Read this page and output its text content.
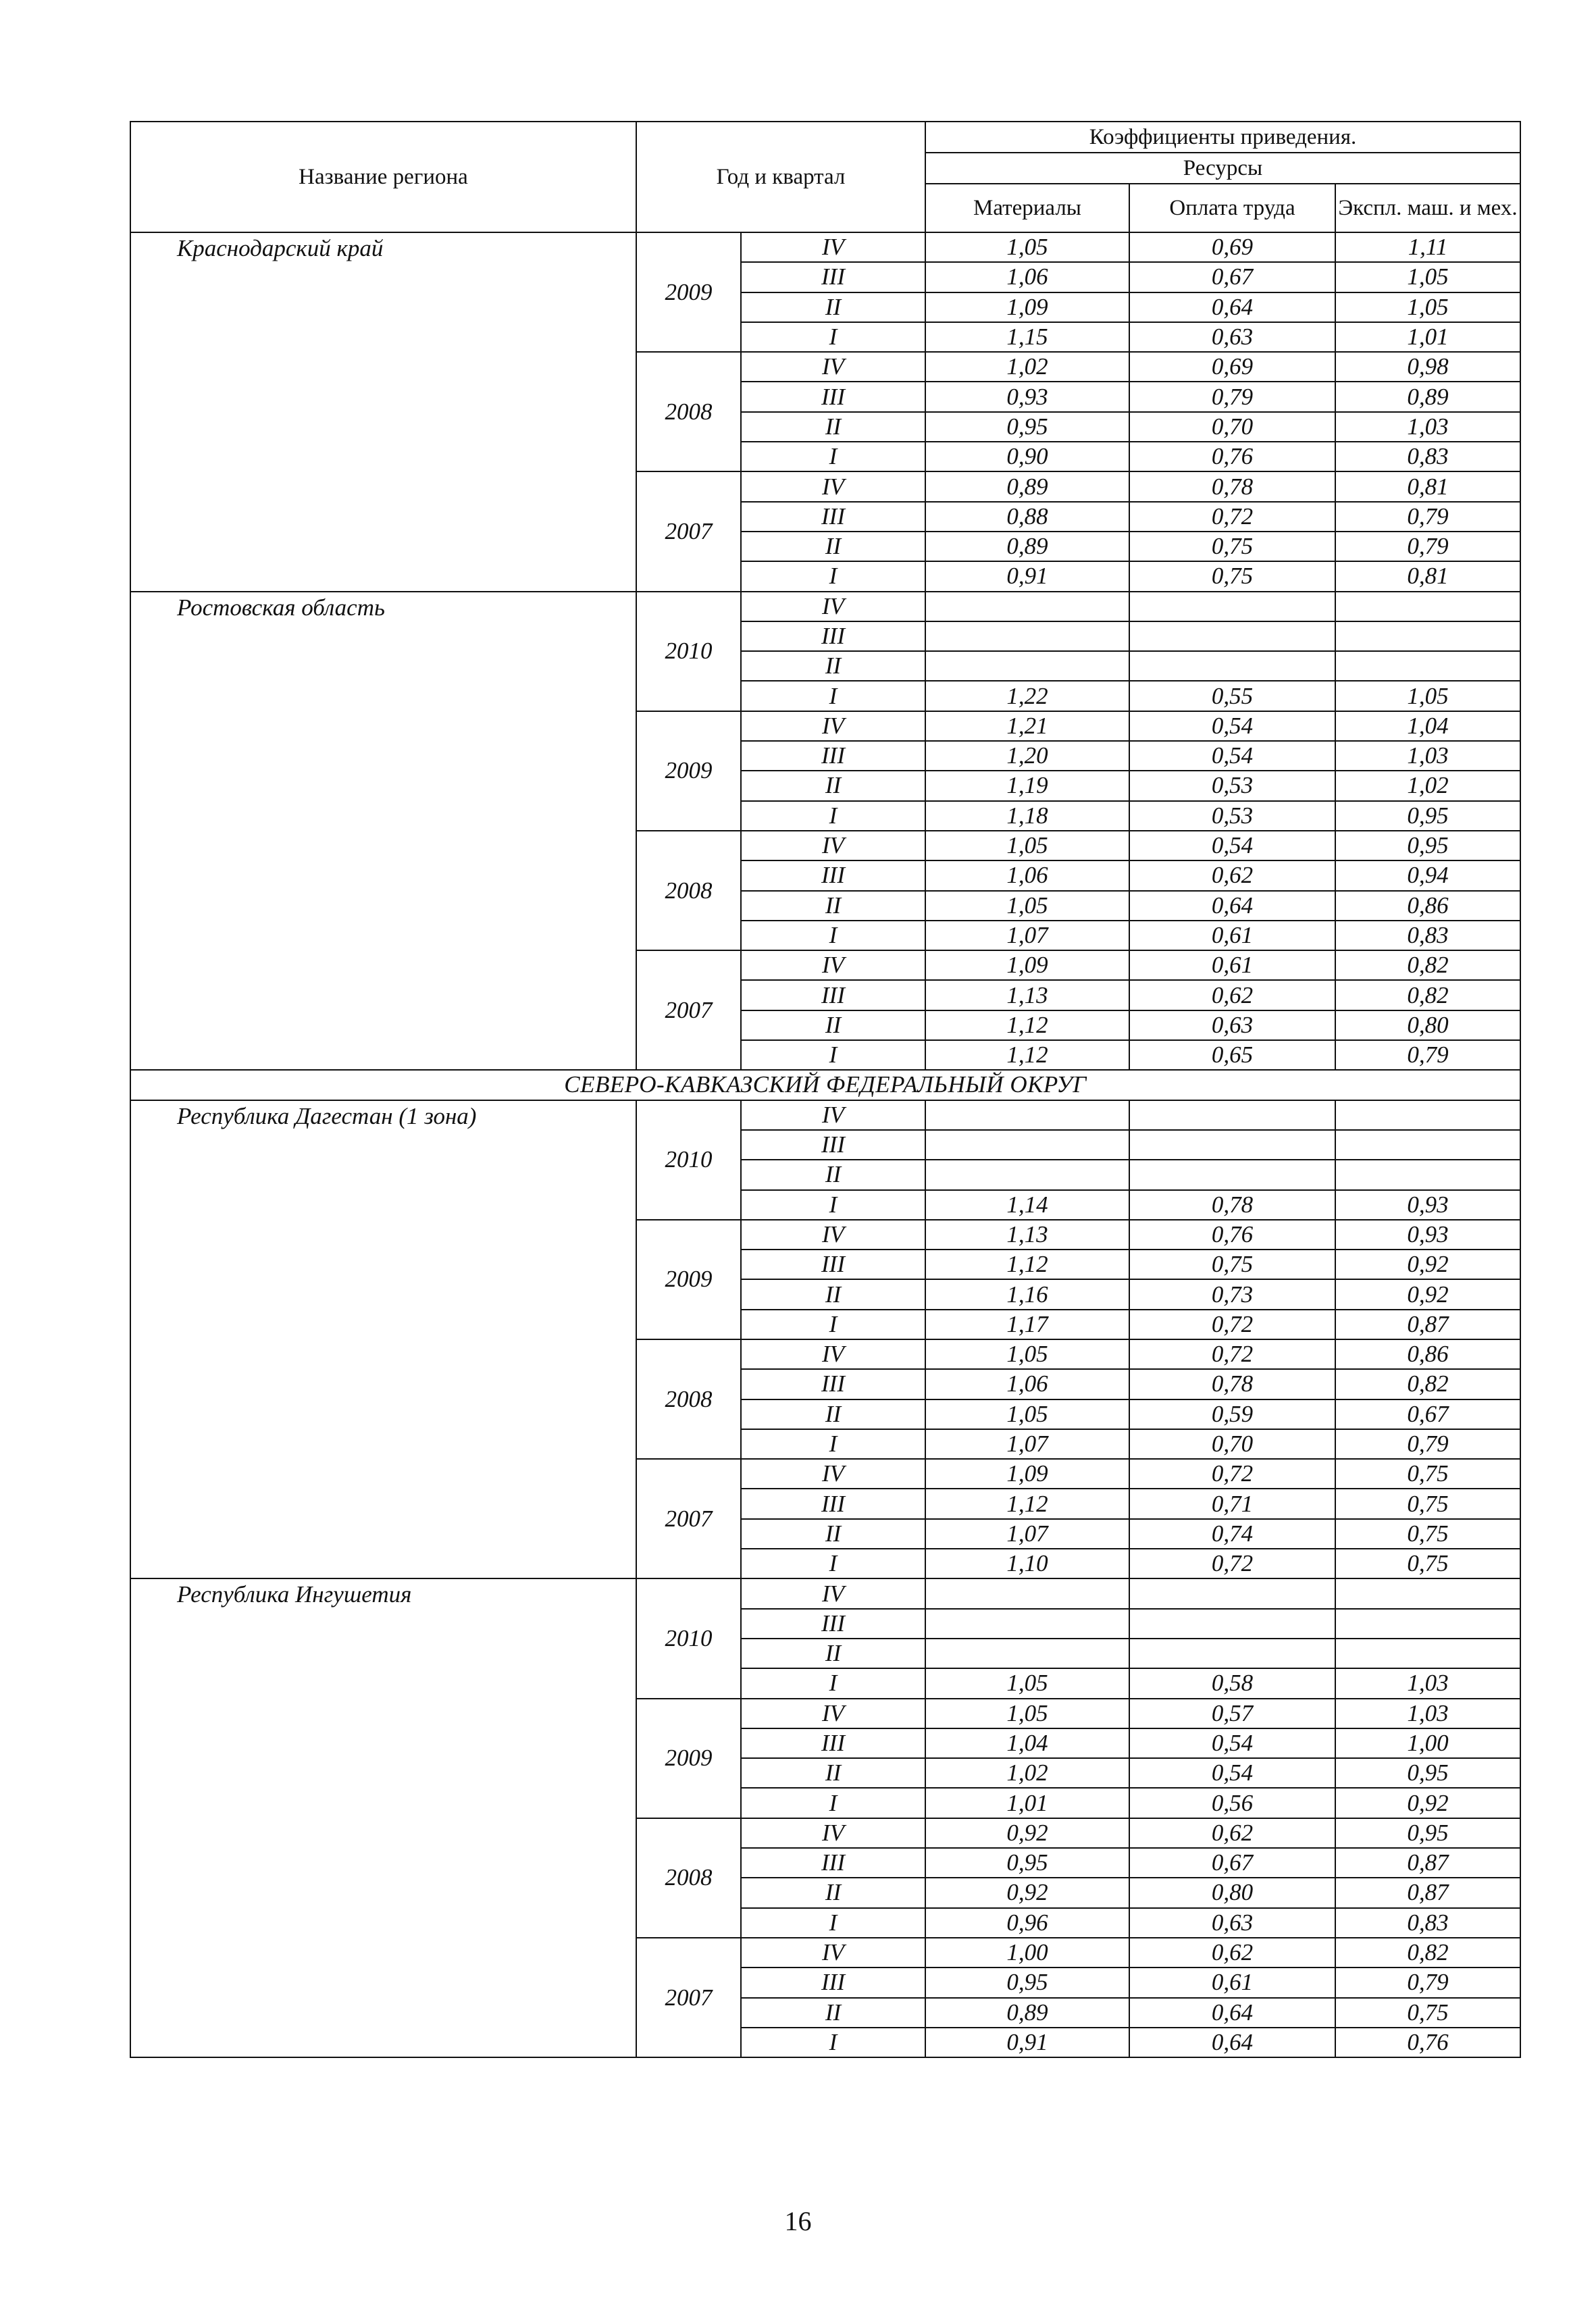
Название региона	Год и квартал		Коэффициенты приведения.		
			Ресурсы		
			Материалы	Оплата труда	Экспл. маш. и мех.
Краснодарский край	2009	IV	1,05	0,69	1,11
		III	1,06	0,67	1,05
		II	1,09	0,64	1,05
		I	1,15	0,63	1,01
	2008	IV	1,02	0,69	0,98
		III	0,93	0,79	0,89
		II	0,95	0,70	1,03
		I	0,90	0,76	0,83
	2007	IV	0,89	0,78	0,81
		III	0,88	0,72	0,79
		II	0,89	0,75	0,79
		I	0,91	0,75	0,81
Ростовская область	2010	IV			
		III			
		II			
		I	1,22	0,55	1,05
	2009	IV	1,21	0,54	1,04
		III	1,20	0,54	1,03
		II	1,19	0,53	1,02
		I	1,18	0,53	0,95
	2008	IV	1,05	0,54	0,95
		III	1,06	0,62	0,94
		II	1,05	0,64	0,86
		I	1,07	0,61	0,83
	2007	IV	1,09	0,61	0,82
		III	1,13	0,62	0,82
		II	1,12	0,63	0,80
		I	1,12	0,65	0,79
СЕВЕРО-КАВКАЗСКИЙ ФЕДЕРАЛЬНЫЙ ОКРУГ					
Республика Дагестан (1 зона)	2010	IV			
		III			
		II			
		I	1,14	0,78	0,93
	2009	IV	1,13	0,76	0,93
		III	1,12	0,75	0,92
		II	1,16	0,73	0,92
		I	1,17	0,72	0,87
	2008	IV	1,05	0,72	0,86
		III	1,06	0,78	0,82
		II	1,05	0,59	0,67
		I	1,07	0,70	0,79
	2007	IV	1,09	0,72	0,75
		III	1,12	0,71	0,75
		II	1,07	0,74	0,75
		I	1,10	0,72	0,75
Республика Ингушетия	2010	IV			
		III			
		II			
		I	1,05	0,58	1,03
	2009	IV	1,05	0,57	1,03
		III	1,04	0,54	1,00
		II	1,02	0,54	0,95
		I	1,01	0,56	0,92
	2008	IV	0,92	0,62	0,95
		III	0,95	0,67	0,87
		II	0,92	0,80	0,87
		I	0,96	0,63	0,83
	2007	IV	1,00	0,62	0,82
		III	0,95	0,61	0,79
		II	0,89	0,64	0,75
		I	0,91	0,64	0,76
16
